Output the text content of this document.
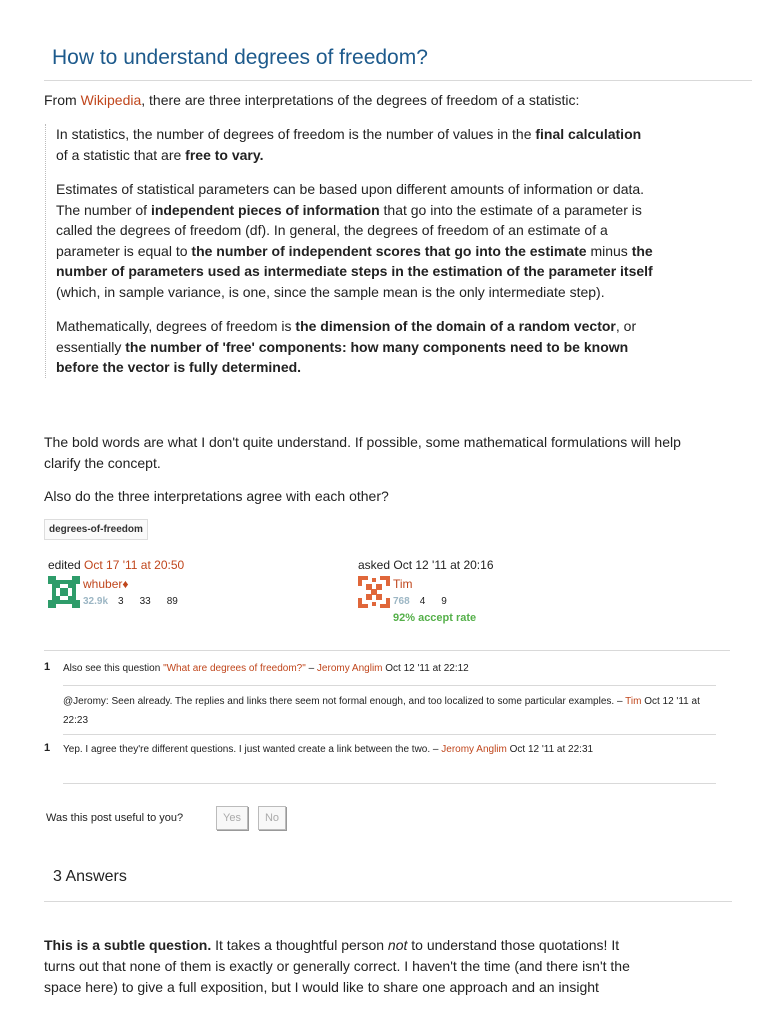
How to understand degrees of freedom?
From Wikipedia, there are three interpretations of the degrees of freedom of a statistic:

In statistics, the number of degrees of freedom is the number of values in the final calculation of a statistic that are free to vary.

Estimates of statistical parameters can be based upon different amounts of information or data. The number of independent pieces of information that go into the estimate of a parameter is called the degrees of freedom (df). In general, the degrees of freedom of an estimate of a parameter is equal to the number of independent scores that go into the estimate minus the number of parameters used as intermediate steps in the estimation of the parameter itself (which, in sample variance, is one, since the sample mean is the only intermediate step).

Mathematically, degrees of freedom is the dimension of the domain of a random vector, or essentially the number of 'free' components: how many components need to be known before the vector is fully determined.

The bold words are what I don't quite understand. If possible, some mathematical formulations will help clarify the concept.

Also do the three interpretations agree with each other?

degrees-of-freedom
edited Oct 17 '11 at 20:50
whuber♦
32.9k 3 33 89
asked Oct 12 '11 at 20:16
Tim
768 4 9
92% accept rate
1 Also see this question "What are degrees of freedom?" – Jeromy Anglim Oct 12 '11 at 22:12
@Jeromy: Seen already. The replies and links there seem not formal enough, and too localized to some particular examples. – Tim Oct 12 '11 at 22:23
1 Yep. I agree they're different questions. I just wanted create a link between the two. – Jeromy Anglim Oct 12 '11 at 22:31
Was this post useful to you?	Yes	No
3 Answers

This is a subtle question. It takes a thoughtful person not to understand those quotations! It turns out that none of them is exactly or generally correct. I haven't the time (and there isn't the space here) to give a full exposition, but I would like to share one approach and an insight
